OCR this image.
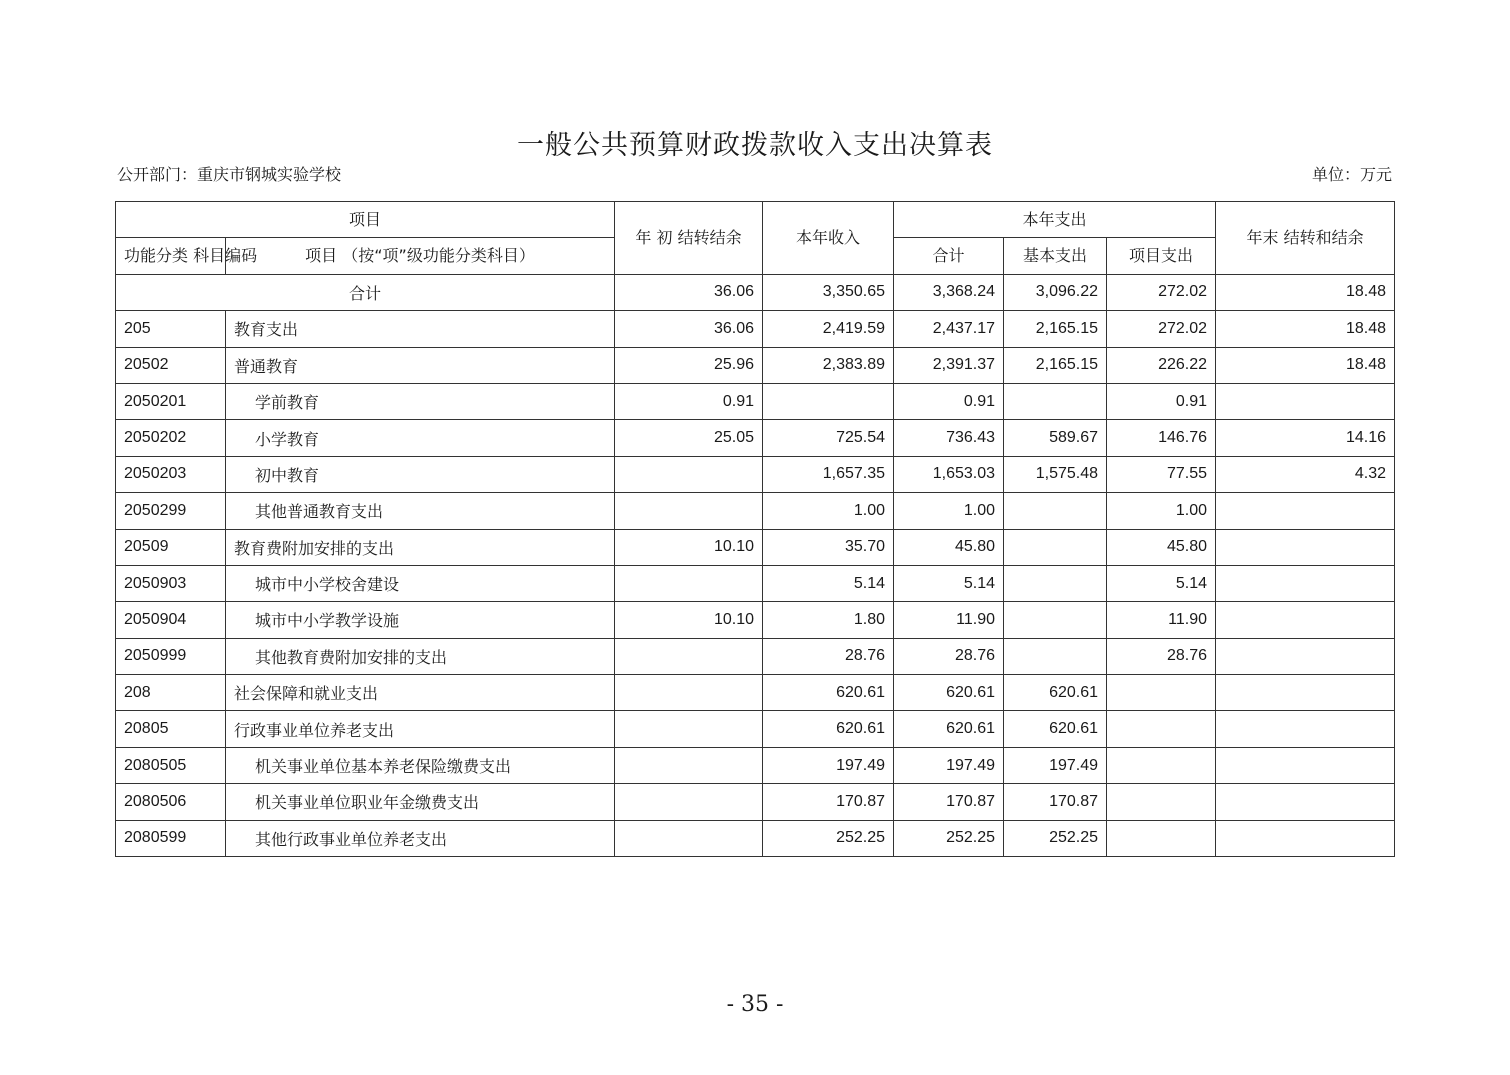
一般公共预算财政拨款收入支出决算表
公开部门：重庆市钢城实验学校	单位：万元
项目		年 初 结转结余	本年收入	本年支出			年末 结转和结余
功能分类 科目编码	项目 （按“项”级功能分类科目）			合计	基本支出	项目支出	
合计		36.06	3,350.65	3,368.24	3,096.22	272.02	18.48
205	教育支出	36.06	2,419.59	2,437.17	2,165.15	272.02	18.48
20502	普通教育	25.96	2,383.89	2,391.37	2,165.15	226.22	18.48
2050201	学前教育	0.91		0.91		0.91	
2050202	小学教育	25.05	725.54	736.43	589.67	146.76	14.16
2050203	初中教育		1,657.35	1,653.03	1,575.48	77.55	4.32
2050299	其他普通教育支出		1.00	1.00		1.00	
20509	教育费附加安排的支出	10.10	35.70	45.80		45.80	
2050903	城市中小学校舍建设		5.14	5.14		5.14	
2050904	城市中小学教学设施	10.10	1.80	11.90		11.90	
2050999	其他教育费附加安排的支出		28.76	28.76		28.76	
208	社会保障和就业支出		620.61	620.61	620.61		
20805	行政事业单位养老支出		620.61	620.61	620.61		
2080505	机关事业单位基本养老保险缴费支出		197.49	197.49	197.49		
2080506	机关事业单位职业年金缴费支出		170.87	170.87	170.87		
2080599	其他行政事业单位养老支出		252.25	252.25	252.25		
- 35 -
